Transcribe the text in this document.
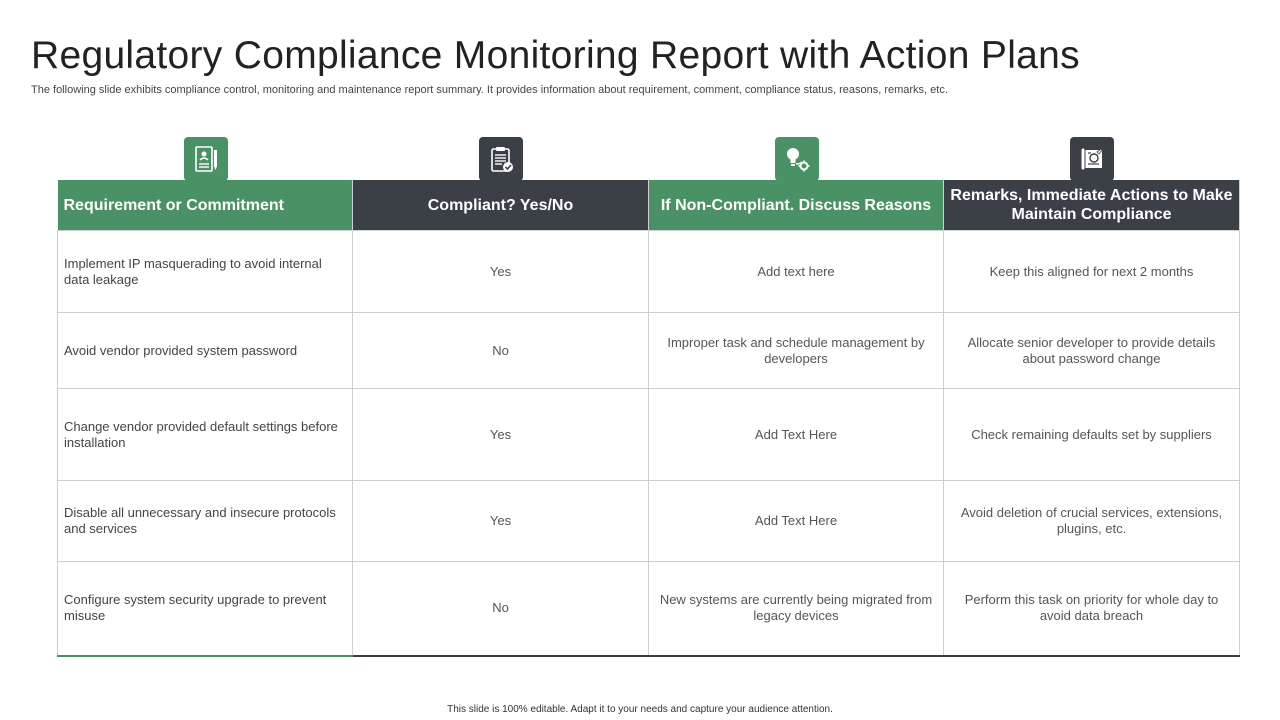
Regulatory Compliance Monitoring Report with Action Plans
The following slide exhibits compliance control, monitoring and maintenance report summary. It provides information about requirement, comment, compliance status, reasons, remarks, etc.
Requirement or Commitment	Compliant? Yes/No	If Non-Compliant. Discuss Reasons	Remarks, Immediate Actions to Make Maintain Compliance
Implement IP masquerading to avoid internal data leakage	Yes	Add text here	Keep this aligned for next 2 months
Avoid vendor provided system password	No	Improper task and schedule management by developers	Allocate senior developer to provide details about password change
Change vendor provided default settings before installation	Yes	Add Text Here	Check remaining defaults set by suppliers
Disable all unnecessary and insecure protocols and services	Yes	Add Text Here	Avoid deletion of crucial services, extensions, plugins, etc.
Configure system security upgrade to prevent misuse	No	New systems are currently being migrated from legacy devices	Perform this task on priority for whole day to avoid data breach
This slide is 100% editable. Adapt it to your needs and capture your audience attention.
